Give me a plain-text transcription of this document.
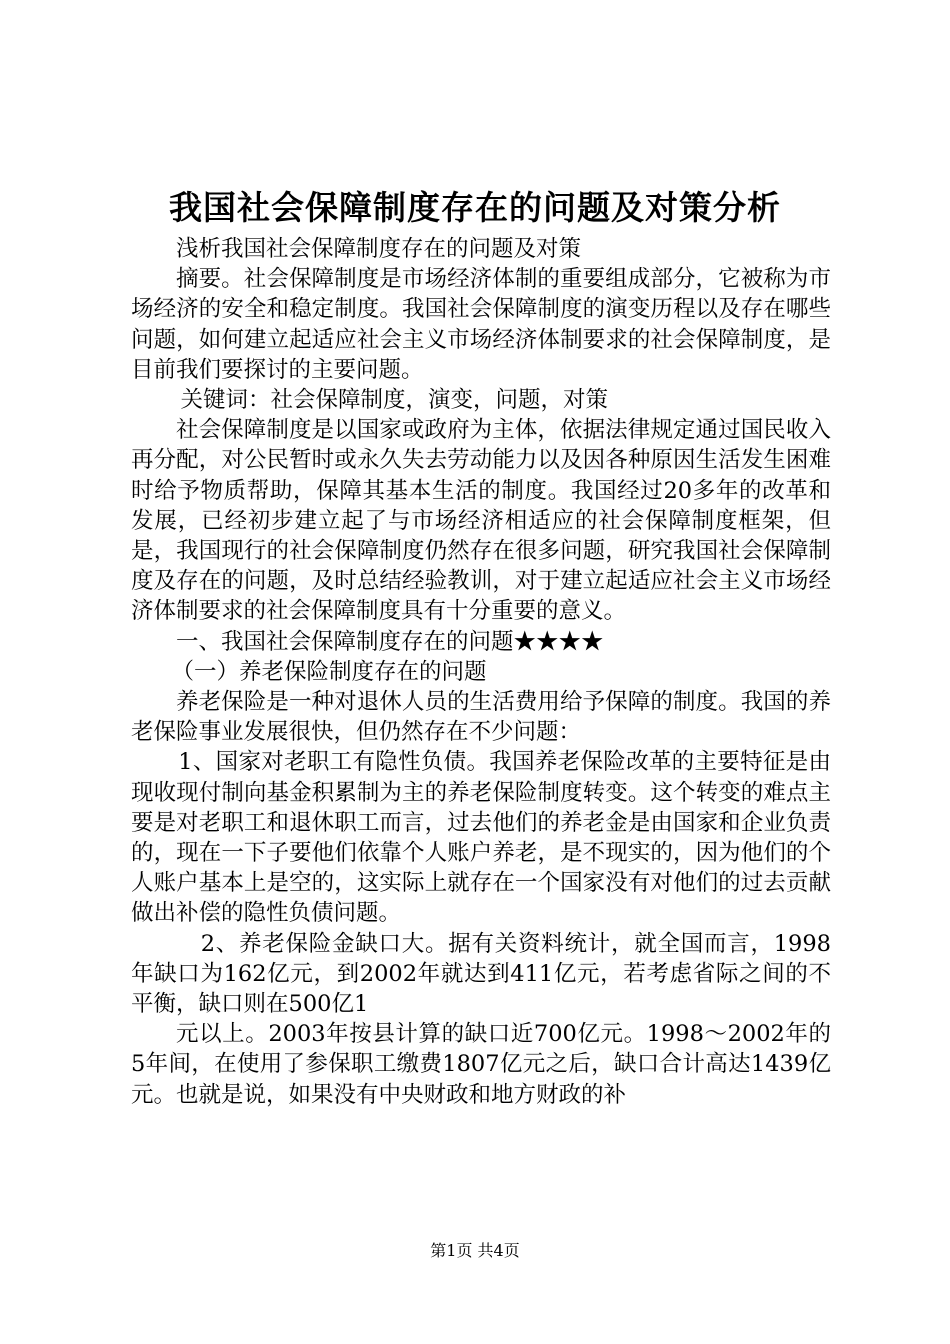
我国社会保障制度存在的问题及对策分析

浅析我国社会保障制度存在的问题及对策

摘要。社会保障制度是市场经济体制的重要组成部分，它被称为市场经济的安全和稳定制度。我国社会保障制度的演变历程以及存在哪些问题，如何建立起适应社会主义市场经济体制要求的社会保障制度，是目前我们要探讨的主要问题。

关键词：社会保障制度，演变，问题，对策

社会保障制度是以国家或政府为主体，依据法律规定通过国民收入再分配，对公民暂时或永久失去劳动能力以及因各种原因生活发生困难时给予物质帮助，保障其基本生活的制度。我国经过20多年的改革和发展，已经初步建立起了与市场经济相适应的社会保障制度框架，但是，我国现行的社会保障制度仍然存在很多问题，研究我国社会保障制度及存在的问题，及时总结经验教训，对于建立起适应社会主义市场经济体制要求的社会保障制度具有十分重要的意义。

一、我国社会保障制度存在的问题★★★★

（一）养老保险制度存在的问题

养老保险是一种对退休人员的生活费用给予保障的制度。我国的养老保险事业发展很快，但仍然存在不少问题：

1、国家对老职工有隐性负债。我国养老保险改革的主要特征是由现收现付制向基金积累制为主的养老保险制度转变。这个转变的难点主要是对老职工和退休职工而言，过去他们的养老金是由国家和企业负责的，现在一下子要他们依靠个人账户养老，是不现实的，因为他们的个人账户基本上是空的，这实际上就存在一个国家没有对他们的过去贡献做出补偿的隐性负债问题。

2、养老保险金缺口大。据有关资料统计，就全国而言，1998年缺口为162亿元，到2002年就达到411亿元，若考虑省际之间的不平衡，缺口则在500亿1

元以上。2003年按县计算的缺口近700亿元。1998～2002年的5年间，在使用了参保职工缴费1807亿元之后，缺口合计高达1439亿元。也就是说，如果没有中央财政和地方财政的补

第1页 共4页
